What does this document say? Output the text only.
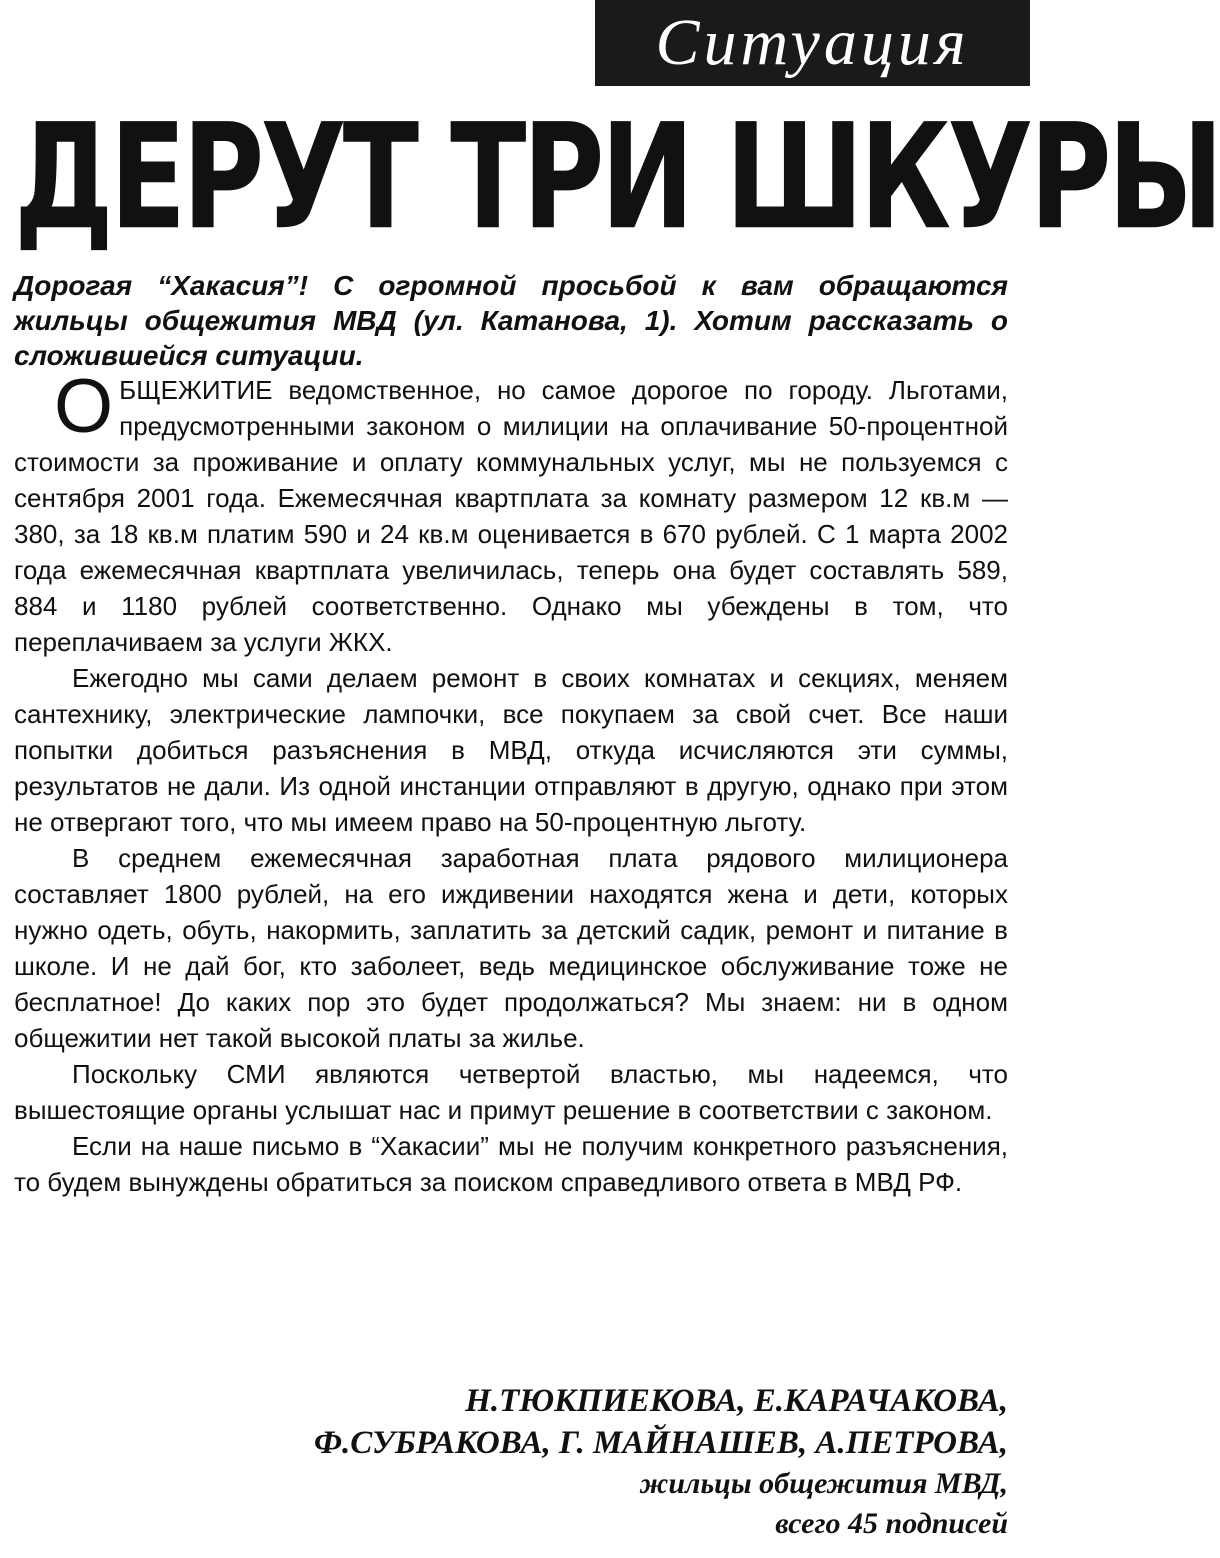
Ситуация
ДЕРУТ ТРИ ШКУРЫ
Дорогая “Хакасия”! С огромной просьбой к вам обращаются жильцы общежития МВД (ул. Катанова, 1). Хотим рассказать о сложившейся ситуации.

ОБЩЕЖИТИЕ ведомственное, но самое дорогое по городу. Льготами, предусмотренными законом о милиции на оплачивание 50-процентной стоимости за проживание и оплату коммунальных услуг, мы не пользуемся с сентября 2001 года. Ежемесячная квартплата за комнату размером 12 кв.м — 380, за 18 кв.м платим 590 и 24 кв.м оценивается в 670 рублей. С 1 марта 2002 года ежемесячная квартплата увеличилась, теперь она будет составлять 589, 884 и 1180 рублей соответственно. Однако мы убеждены в том, что переплачиваем за услуги ЖКХ.

Ежегодно мы сами делаем ремонт в своих комнатах и секциях, меняем сантехнику, электрические лампочки, все покупаем за свой счет. Все наши попытки добиться разъяснения в МВД, откуда исчисляются эти суммы, результатов не дали. Из одной инстанции отправляют в другую, однако при этом не отвергают того, что мы имеем право на 50-процентную льготу.

В среднем ежемесячная заработная плата рядового милиционера составляет 1800 рублей, на его иждивении находятся жена и дети, которых нужно одеть, обуть, накормить, заплатить за детский садик, ремонт и питание в школе. И не дай бог, кто заболеет, ведь медицинское обслуживание тоже не бесплатное! До каких пор это будет продолжаться? Мы знаем: ни в одном общежитии нет такой высокой платы за жилье.

Поскольку СМИ являются четвертой властью, мы надеемся, что вышестоящие органы услышат нас и примут решение в соответствии с законом.

Если на наше письмо в “Хакасии” мы не получим конкретного разъяснения, то будем вынуждены обратиться за поиском справедливого ответа в МВД РФ.

Н.ТЮКПИЕКОВА, Е.КАРАЧАКОВА,
Ф.СУБРАКОВА, Г. МАЙНАШЕВ, А.ПЕТРОВА,
жильцы общежития МВД,
всего 45 подписей
